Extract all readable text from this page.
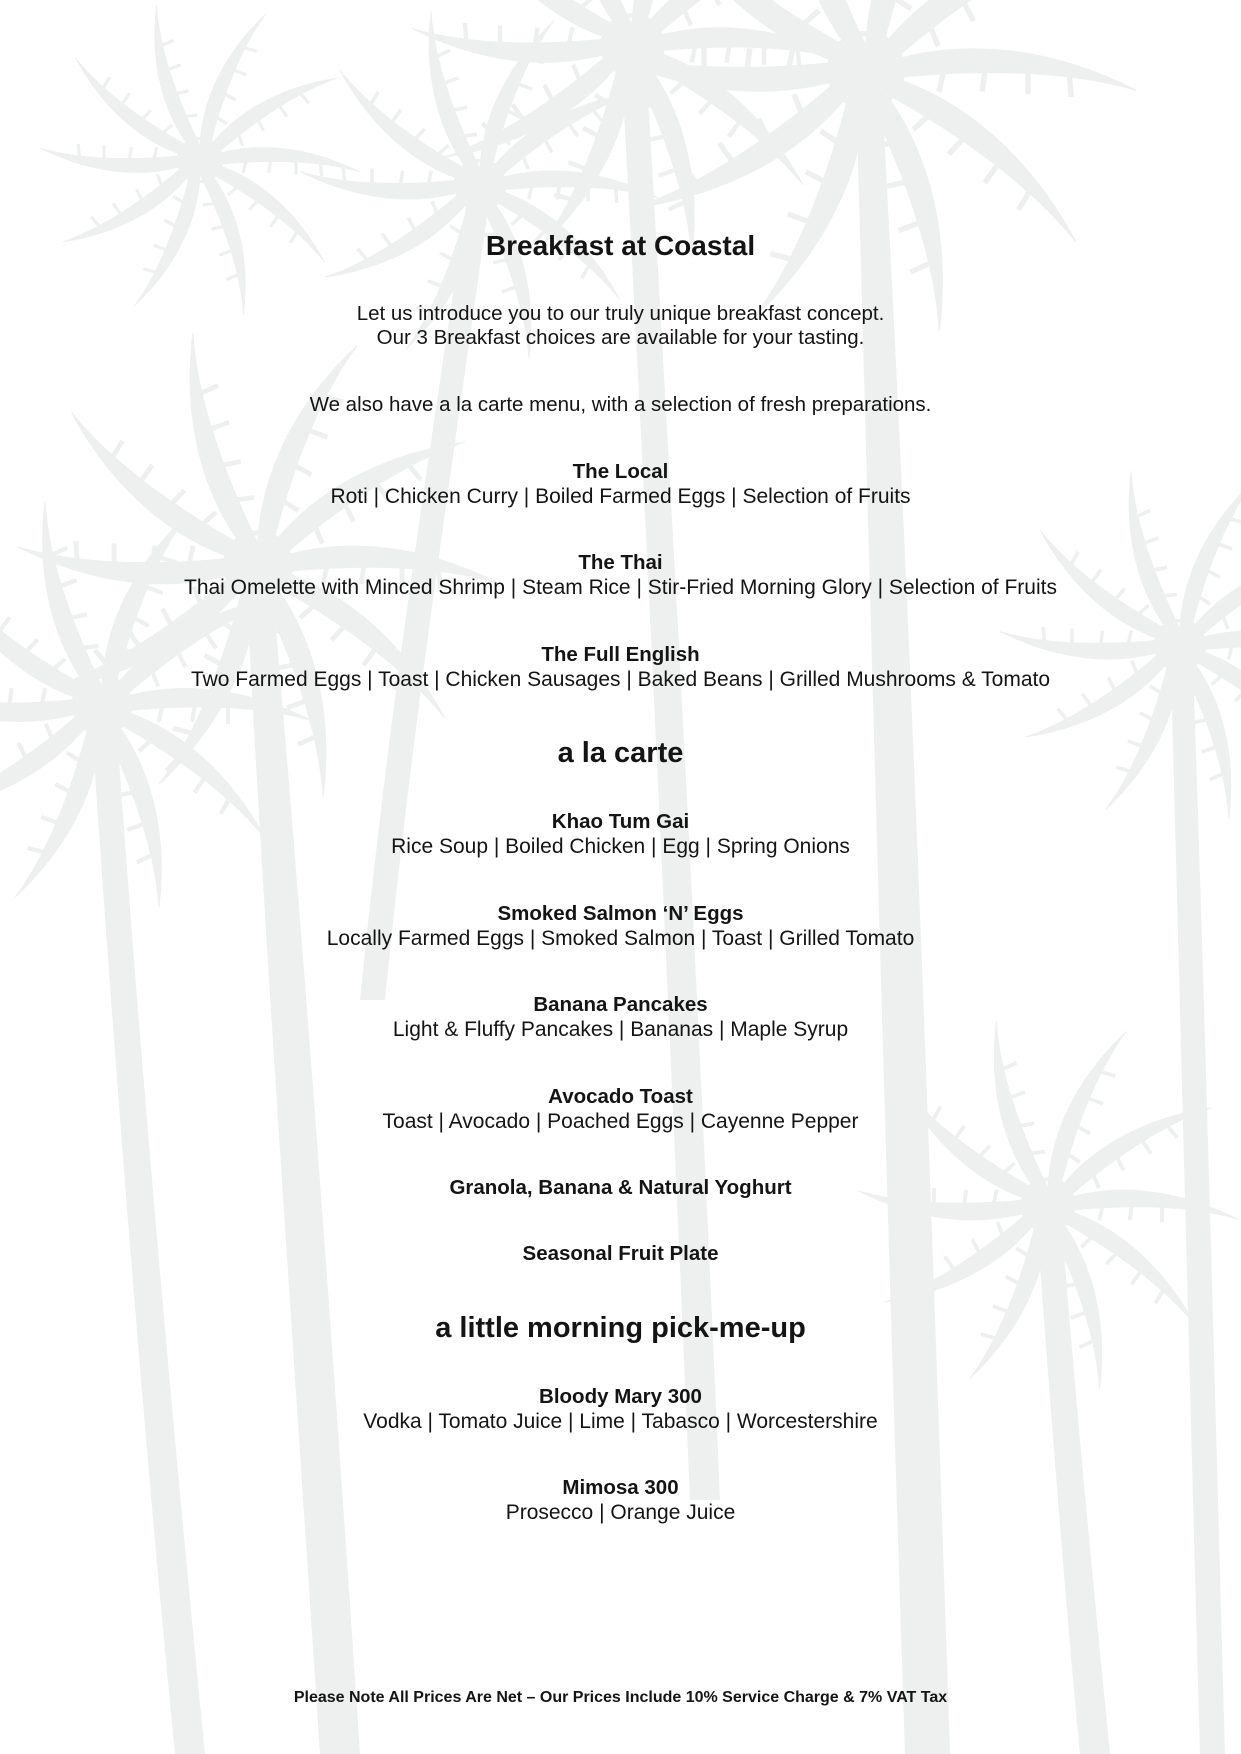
Breakfast at Coastal
Let us introduce you to our truly unique breakfast concept.
Our 3 Breakfast choices are available for your tasting.
We also have a la carte menu, with a selection of fresh preparations.
The Local
Roti | Chicken Curry | Boiled Farmed Eggs | Selection of Fruits
The Thai
Thai Omelette with Minced Shrimp | Steam Rice | Stir-Fried Morning Glory | Selection of Fruits
The Full English
Two Farmed Eggs | Toast | Chicken Sausages | Baked Beans | Grilled Mushrooms & Tomato
a la carte
Khao Tum Gai
Rice Soup | Boiled Chicken | Egg | Spring Onions
Smoked Salmon ‘N’ Eggs
Locally Farmed Eggs | Smoked Salmon | Toast | Grilled Tomato
Banana Pancakes
Light & Fluffy Pancakes | Bananas | Maple Syrup
Avocado Toast
Toast | Avocado | Poached Eggs | Cayenne Pepper
Granola, Banana & Natural Yoghurt
Seasonal Fruit Plate
a little morning pick-me-up
Bloody Mary 300
Vodka | Tomato Juice | Lime | Tabasco | Worcestershire
Mimosa 300
Prosecco | Orange Juice
Please Note All Prices Are Net – Our Prices Include 10% Service Charge & 7% VAT Tax
